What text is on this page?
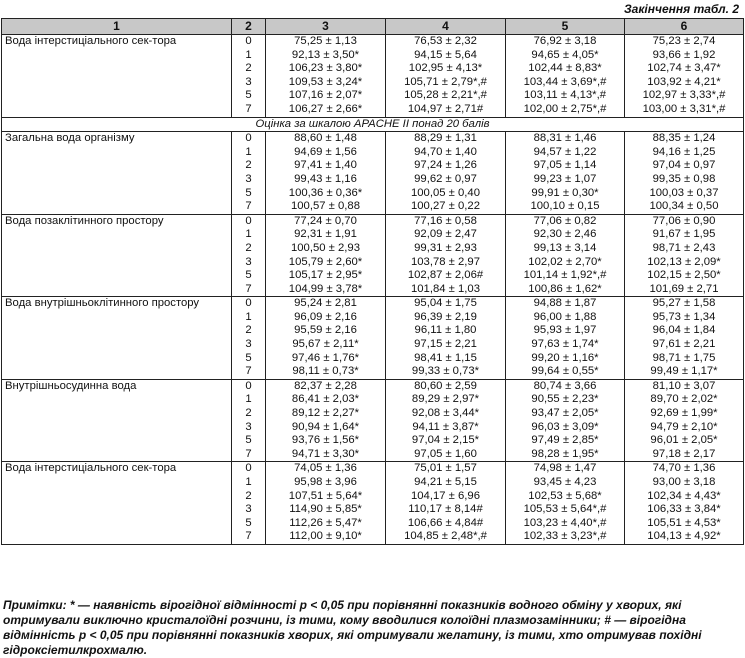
Закінчення табл. 2
1	2	3	4	5	6
Вода інтерстиціального сек-тора	0	75,25 ± 1,13	76,53 ± 2,32	76,92 ± 3,18	75,23 ± 2,74
	1	92,13 ± 3,50*	94,15 ± 5,64	94,65 ± 4,05*	93,66 ± 1,92
	2	106,23 ± 3,80*	102,95 ± 4,13*	102,44 ± 8,83*	102,74 ± 3,47*
	3	109,53 ± 3,24*	105,71 ± 2,79*,#	103,44 ± 3,69*,#	103,92 ± 4,21*
	5	107,16 ± 2,07*	105,28 ± 2,21*,#	103,11 ± 4,13*,#	102,97 ± 3,33*,#
	7	106,27 ± 2,66*	104,97 ± 2,71#	102,00 ± 2,75*,#	103,00 ± 3,31*,#
Оцінка за шкалою APACHE II понад 20 балів					
Загальна вода організму	0	88,60 ± 1,48	88,29 ± 1,31	88,31 ± 1,46	88,35 ± 1,24
	1	94,69 ± 1,56	94,70 ± 1,40	94,57 ± 1,22	94,16 ± 1,25
	2	97,41 ± 1,40	97,24 ± 1,26	97,05 ± 1,14	97,04 ± 0,97
	3	99,43 ± 1,16	99,62 ± 0,97	99,23 ± 1,07	99,35 ± 0,98
	5	100,36 ± 0,36*	100,05 ± 0,40	99,91 ± 0,30*	100,03 ± 0,37
	7	100,57 ± 0,88	100,27 ± 0,22	100,10 ± 0,15	100,34 ± 0,50
Вода позаклітинного простору	0	77,24 ± 0,70	77,16 ± 0,58	77,06 ± 0,82	77,06 ± 0,90
	1	92,31 ± 1,91	92,09 ± 2,47	92,30 ± 2,46	91,67 ± 1,95
	2	100,50 ± 2,93	99,31 ± 2,93	99,13 ± 3,14	98,71 ± 2,43
	3	105,79 ± 2,60*	103,78 ± 2,97	102,02 ± 2,70*	102,13 ± 2,09*
	5	105,17 ± 2,95*	102,87 ± 2,06#	101,14 ± 1,92*,#	102,15 ± 2,50*
	7	104,99 ± 3,78*	101,84 ± 1,03	100,86 ± 1,62*	101,69 ± 2,71
Вода внутрішньоклітинного простору	0	95,24 ± 2,81	95,04 ± 1,75	94,88 ± 1,87	95,27 ± 1,58
	1	96,09 ± 2,16	96,39 ± 2,19	96,00 ± 1,88	95,73 ± 1,34
	2	95,59 ± 2,16	96,11 ± 1,80	95,93 ± 1,97	96,04 ± 1,84
	3	95,67 ± 2,11*	97,15 ± 2,21	97,63 ± 1,74*	97,61 ± 2,21
	5	97,46 ± 1,76*	98,41 ± 1,15	99,20 ± 1,16*	98,71 ± 1,75
	7	98,11 ± 0,73*	99,33 ± 0,73*	99,64 ± 0,55*	99,49 ± 1,17*
Внутрішньосудинна вода	0	82,37 ± 2,28	80,60 ± 2,59	80,74 ± 3,66	81,10 ± 3,07
	1	86,41 ± 2,03*	89,29 ± 2,97*	90,55 ± 2,23*	89,70 ± 2,02*
	2	89,12 ± 2,27*	92,08 ± 3,44*	93,47 ± 2,05*	92,69 ± 1,99*
	3	90,94 ± 1,64*	94,11 ± 3,87*	96,03 ± 3,09*	94,79 ± 2,10*
	5	93,76 ± 1,56*	97,04 ± 2,15*	97,49 ± 2,85*	96,01 ± 2,05*
	7	94,71 ± 3,30*	97,05 ± 1,60	98,28 ± 1,95*	97,18 ± 2,17
Вода інтерстиціального сек-тора	0	74,05 ± 1,36	75,01 ± 1,57	74,98 ± 1,47	74,70 ± 1,36
	1	95,98 ± 3,96	94,21 ± 5,15	93,45 ± 4,23	93,00 ± 3,18
	2	107,51 ± 5,64*	104,17 ± 6,96	102,53 ± 5,68*	102,34 ± 4,43*
	3	114,90 ± 5,85*	110,17 ± 8,14#	105,53 ± 5,64*,#	106,33 ± 3,84*
	5	112,26 ± 5,47*	106,66 ± 4,84#	103,23 ± 4,40*,#	105,51 ± 4,53*
	7	112,00 ± 9,10*	104,85 ± 2,48*,#	102,33 ± 3,23*,#	104,13 ± 4,92*
Примітки: * — наявність вірогідної відмінності р < 0,05 при порівнянні показників водного обміну у хворих, які отримували виключно кристалоїдні розчини, із тими, кому вводилися колоїдні плазмозамінники; # — вірогідна відмінність р < 0,05 при порівнянні показників хворих, які отримували желатину, із тими, хто отримував похідні гідроксіетилкрохмалю.
